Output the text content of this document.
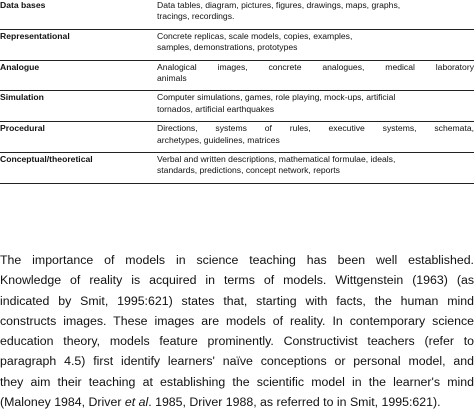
Data bases	Data tables, diagram, pictures, figures, drawings, maps, graphs,
tracings, recordings.

Representational	Concrete replicas, scale models, copies, examples,
samples, demonstrations, prototypes

Analogue	Analogical images, concrete analogues, medical laboratory
animals

Simulation	Computer simulations, games, role playing, mock-ups, artificial
tornados, artificial earthquakes

Procedural	Directions, systems of rules, executive systems, schemata,
archetypes, guidelines, matrices

Conceptual/theoretical	Verbal and written descriptions, mathematical formulae, ideals,
standards, predictions, concept network, reports
The importance of models in science teaching has been well established.
Knowledge of reality is acquired in terms of models. Wittgenstein (1963) (as
indicated by Smit, 1995:621) states that, starting with facts, the human mind
constructs images. These images are models of reality. In contemporary science
education theory, models feature prominently. Constructivist teachers (refer to
paragraph 4.5) first identify learners' naïve conceptions or personal model, and
they aim their teaching at establishing the scientific model in the learner's mind
(Maloney 1984, Driver et al. 1985, Driver 1988, as referred to in Smit, 1995:621).
